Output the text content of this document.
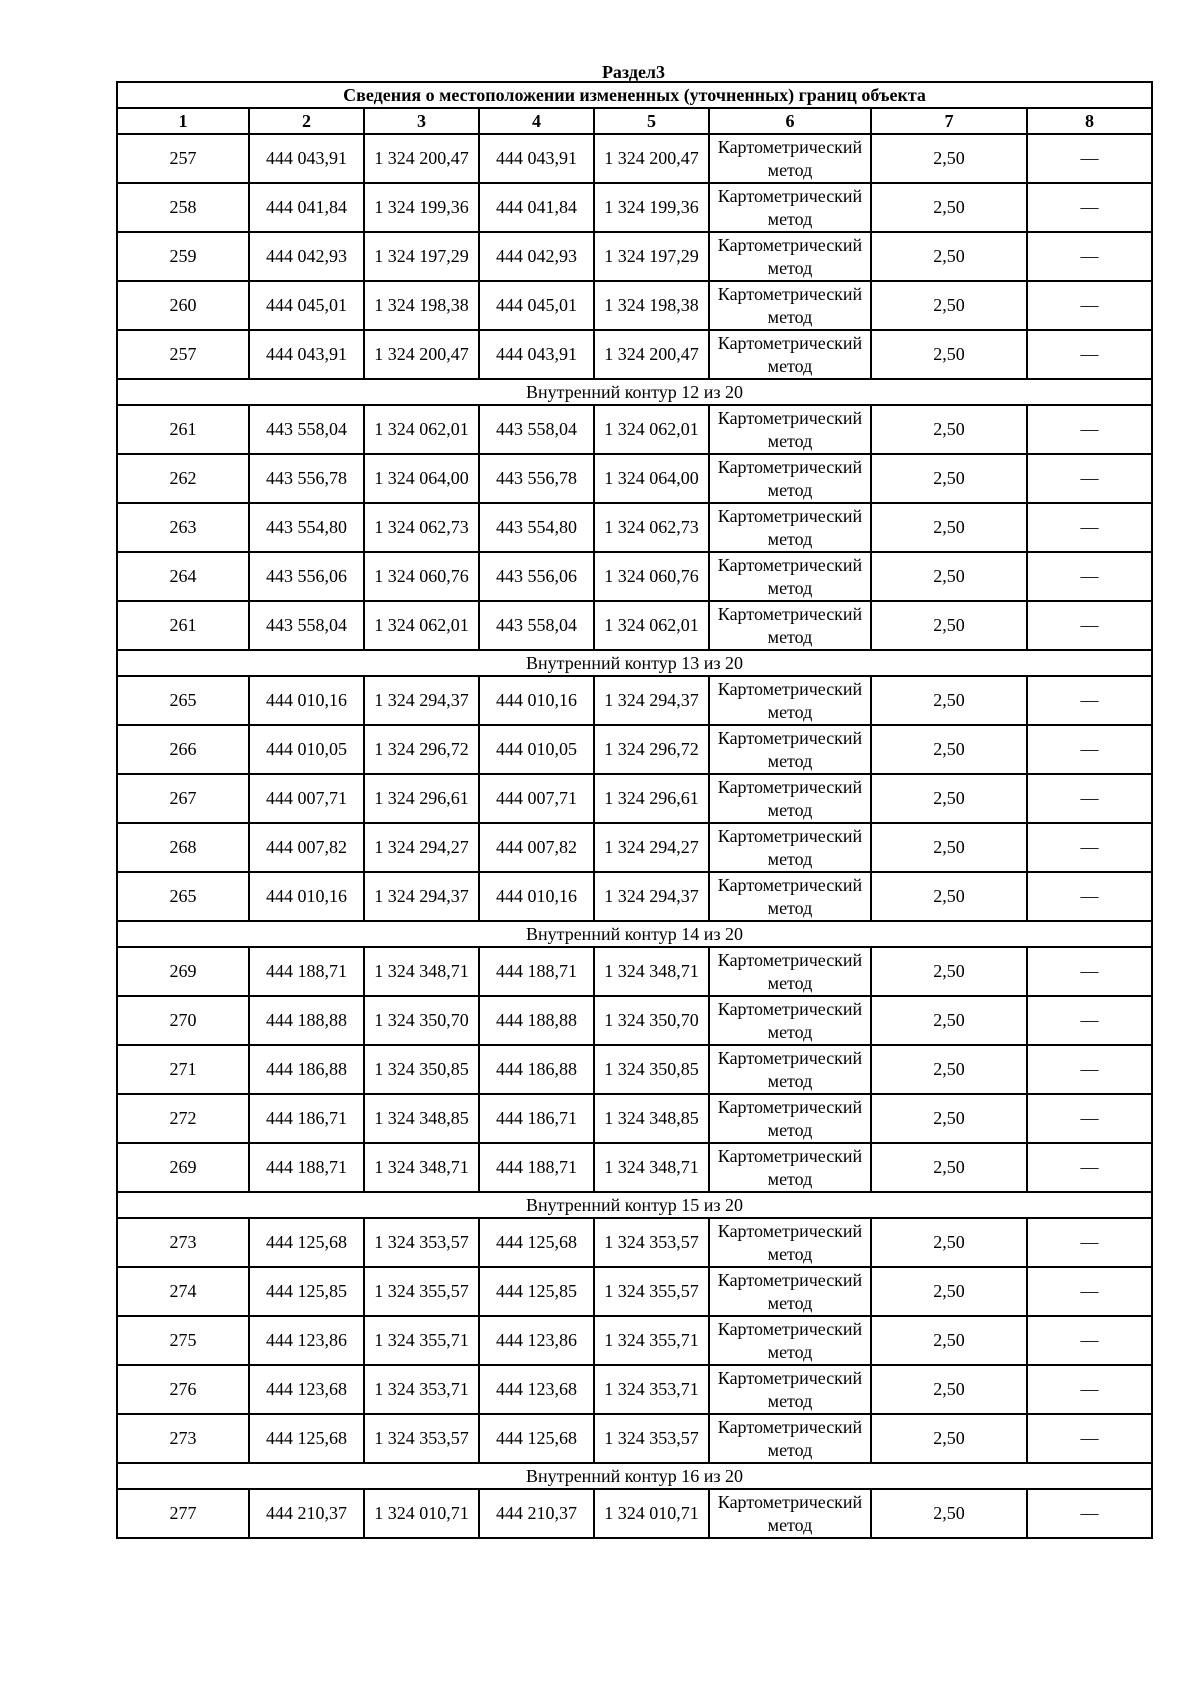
Раздел3
Сведения о местоположении измененных (уточненных) границ объекта							
1	2	3	4	5	6	7	8
257	444 043,91	1 324 200,47	444 043,91	1 324 200,47	Картометрический метод	2,50	—
258	444 041,84	1 324 199,36	444 041,84	1 324 199,36	Картометрический метод	2,50	—
259	444 042,93	1 324 197,29	444 042,93	1 324 197,29	Картометрический метод	2,50	—
260	444 045,01	1 324 198,38	444 045,01	1 324 198,38	Картометрический метод	2,50	—
257	444 043,91	1 324 200,47	444 043,91	1 324 200,47	Картометрический метод	2,50	—
Внутренний контур 12 из 20							
261	443 558,04	1 324 062,01	443 558,04	1 324 062,01	Картометрический метод	2,50	—
262	443 556,78	1 324 064,00	443 556,78	1 324 064,00	Картометрический метод	2,50	—
263	443 554,80	1 324 062,73	443 554,80	1 324 062,73	Картометрический метод	2,50	—
264	443 556,06	1 324 060,76	443 556,06	1 324 060,76	Картометрический метод	2,50	—
261	443 558,04	1 324 062,01	443 558,04	1 324 062,01	Картометрический метод	2,50	—
Внутренний контур 13 из 20							
265	444 010,16	1 324 294,37	444 010,16	1 324 294,37	Картометрический метод	2,50	—
266	444 010,05	1 324 296,72	444 010,05	1 324 296,72	Картометрический метод	2,50	—
267	444 007,71	1 324 296,61	444 007,71	1 324 296,61	Картометрический метод	2,50	—
268	444 007,82	1 324 294,27	444 007,82	1 324 294,27	Картометрический метод	2,50	—
265	444 010,16	1 324 294,37	444 010,16	1 324 294,37	Картометрический метод	2,50	—
Внутренний контур 14 из 20							
269	444 188,71	1 324 348,71	444 188,71	1 324 348,71	Картометрический метод	2,50	—
270	444 188,88	1 324 350,70	444 188,88	1 324 350,70	Картометрический метод	2,50	—
271	444 186,88	1 324 350,85	444 186,88	1 324 350,85	Картометрический метод	2,50	—
272	444 186,71	1 324 348,85	444 186,71	1 324 348,85	Картометрический метод	2,50	—
269	444 188,71	1 324 348,71	444 188,71	1 324 348,71	Картометрический метод	2,50	—
Внутренний контур 15 из 20							
273	444 125,68	1 324 353,57	444 125,68	1 324 353,57	Картометрический метод	2,50	—
274	444 125,85	1 324 355,57	444 125,85	1 324 355,57	Картометрический метод	2,50	—
275	444 123,86	1 324 355,71	444 123,86	1 324 355,71	Картометрический метод	2,50	—
276	444 123,68	1 324 353,71	444 123,68	1 324 353,71	Картометрический метод	2,50	—
273	444 125,68	1 324 353,57	444 125,68	1 324 353,57	Картометрический метод	2,50	—
Внутренний контур 16 из 20							
277	444 210,37	1 324 010,71	444 210,37	1 324 010,71	Картометрический метод	2,50	—
